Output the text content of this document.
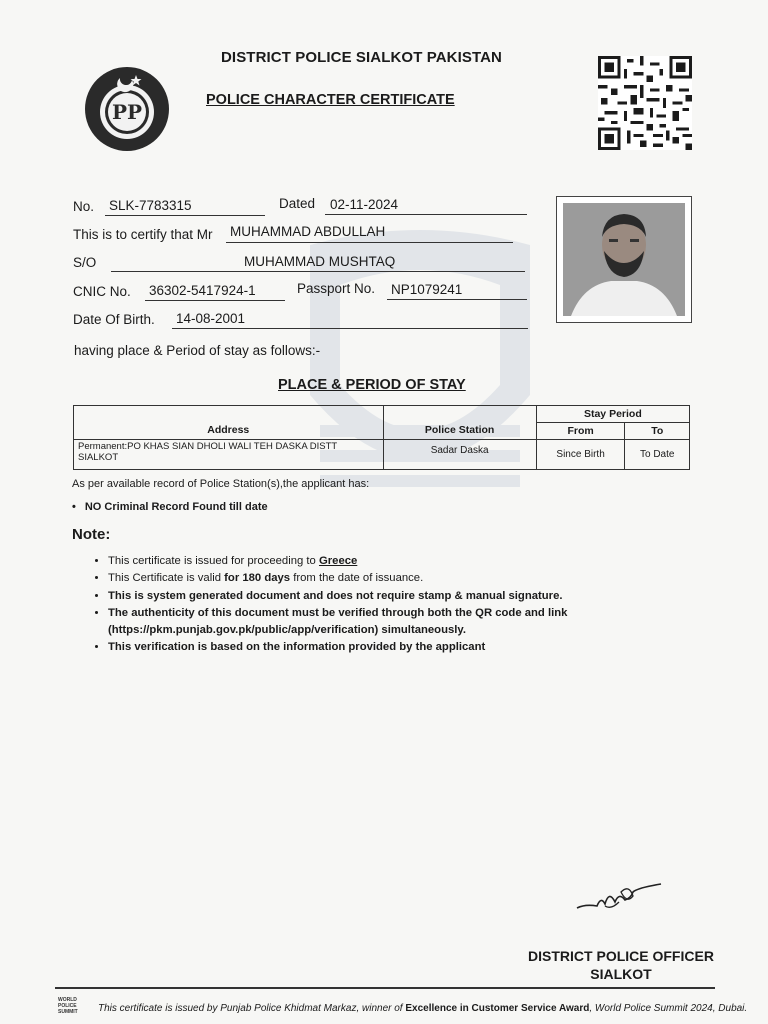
PP
DISTRICT POLICE SIALKOT PAKISTAN
POLICE CHARACTER CERTIFICATE
No. SLK-7783315	Dated 02-11-2024
This is to certify that Mr MUHAMMAD ABDULLAH
S/O	MUHAMMAD MUSHTAQ
CNIC No. 36302-5417924-1	Passport No. NP1079241
Date Of Birth. 14-08-2001
having place & Period of stay as follows:-
PLACE & PERIOD OF STAY
Address	Police Station	Stay Period	
		From	To
Permanent:PO KHAS SIAN DHOLI WALI TEH DASKA DISTT SIALKOT	Sadar Daska	Since Birth	To Date
As per available record of Police Station(s),the applicant has:
• NO Criminal Record Found till date
Note:
• This certificate is issued for proceeding to Greece
• This Certificate is valid for 180 days from the date of issuance.
• This is system generated document and does not require stamp & manual signature.
• The authenticity of this document must be verified through both the QR code and link (https://pkm.punjab.gov.pk/public/app/verification) simultaneously.
• This verification is based on the information provided by the applicant
DISTRICT POLICE OFFICER
SIALKOT
WORLD POLICE SUMMIT	This certificate is issued by Punjab Police Khidmat Markaz, winner of Excellence in Customer Service Award, World Police Summit 2024, Dubai.
